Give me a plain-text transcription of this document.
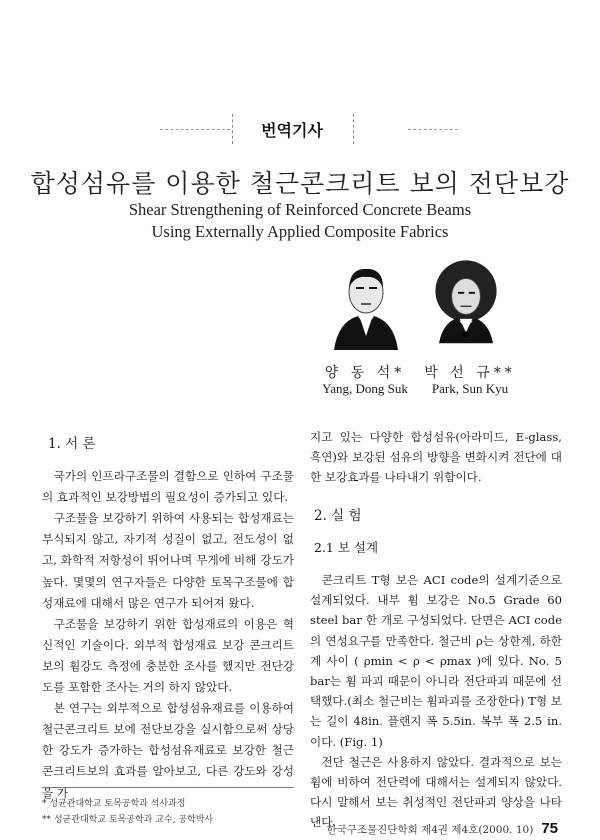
번역기사
합성섬유를 이용한 철근콘크리트 보의 전단보강
Shear Strengthening of Reinforced Concrete Beams
Using Externally Applied Composite Fabrics
양 동 석*
Yang, Dong Suk
박 선 규**
Park, Sun Kyu

1. 서 론

국가의 인프라구조물의 결함으로 인하여 구조물의 효과적인 보강방법의 필요성이 증가되고 있다.

구조물을 보강하기 위하여 사용되는 합성재료는 부식되지 않고, 자기적 성질이 없고, 전도성이 없고, 화학적 저항성이 뛰어나며 무게에 비해 강도가 높다. 몇몇의 연구자들은 다양한 토목구조물에 합성재료에 대해서 많은 연구가 되어져 왔다.

구조물을 보강하기 위한 합성재료의 이용은 혁신적인 기술이다. 외부적 합성재료 보강 콘크리트 보의 휨강도 측정에 충분한 조사를 했지만 전단강도를 포함한 조사는 거의 하지 않았다.

본 연구는 외부적으로 합성섬유재료를 이용하여 철근콘크리트 보에 전단보강을 실시함으로써 상당한 강도가 증가하는 합성섬유재료로 보강한 철근 콘크리트보의 효과를 알아보고, 다른 강도와 강성을 가

* 성균관대학교 토목공학과 석사과정
** 성균관대학교 토목공학과 교수, 공학박사

지고 있는 다양한 합성섬유(아라미드, E-glass, 흑연)와 보강된 섬유의 방향을 변화시켜 전단에 대한 보강효과를 나타내기 위함이다.

2. 실 험

2.1 보 설계

콘크리트 T형 보은 ACI code의 설계기준으로 설계되었다. 내부 휨 보강은 No.5 Grade 60 steel bar 한 개로 구성되었다. 단면은 ACI code의 연성요구를 만족한다. 철근비 ρ는 상한계, 하한계 사이 ( ρmin < ρ < ρmax )에 있다. No. 5 bar는 휨 파괴 때문이 아니라 전단파괴 때문에 선택했다.(최소 철근비는 휨파괴를 조장한다) T형 보는 길이 48in. 플랜지 폭 5.5in. 복부 폭 2.5 in.이다. (Fig. 1)

전단 철근은 사용하지 않았다. 결과적으로 보는 휨에 비하여 전단력에 대해서는 설계되지 않았다. 다시 말해서 보는 취성적인 전단파괴 양상을 나타낸다.

한국구조물진단학회 제4권 제4호(2000. 10) 75
